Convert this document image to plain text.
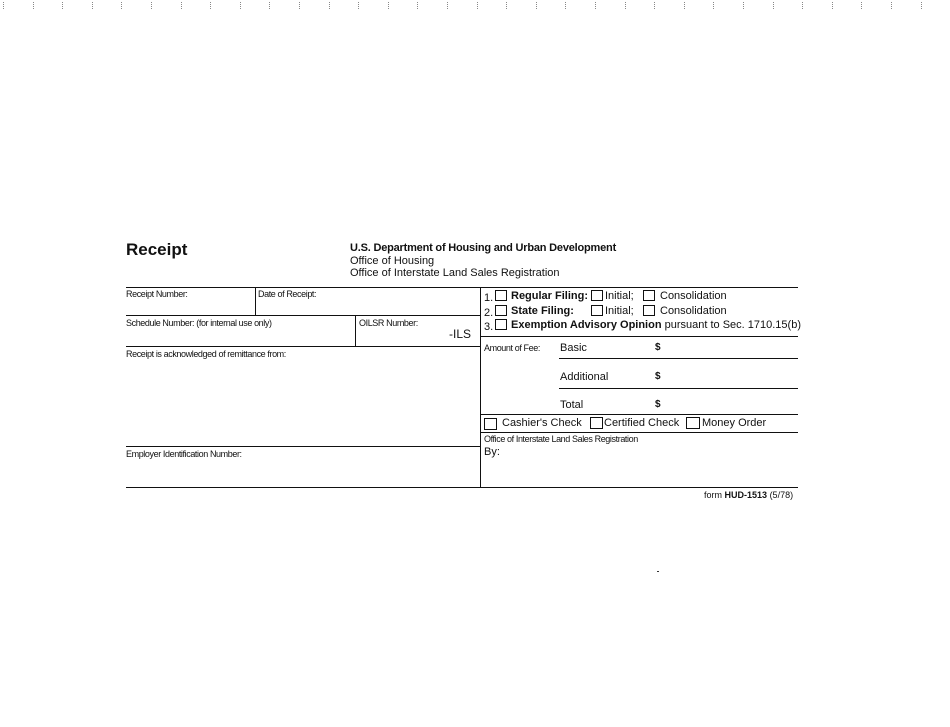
Receipt	U.S. Department of Housing and Urban Development
Office of Housing
Office of Interstate Land Sales Registration
Receipt Number:	Date of Receipt:
Schedule Number: (for internal use only)	OILSR Number:
-ILS
Receipt is acknowledged of remittance from:
Employer Identification Number:
1. Regular Filing: Initial; Consolidation
2. State Filing:	Initial; Consolidation
3. Exemption Advisory Opinion pursuant to Sec. 1710.15(b)
Amount of Fee: Basic	$
Additional	$
Total	$
Cashier's Check Certified Check Money Order
Office of Interstate Land Sales Registration
By:
form HUD-1513 (5/78)
